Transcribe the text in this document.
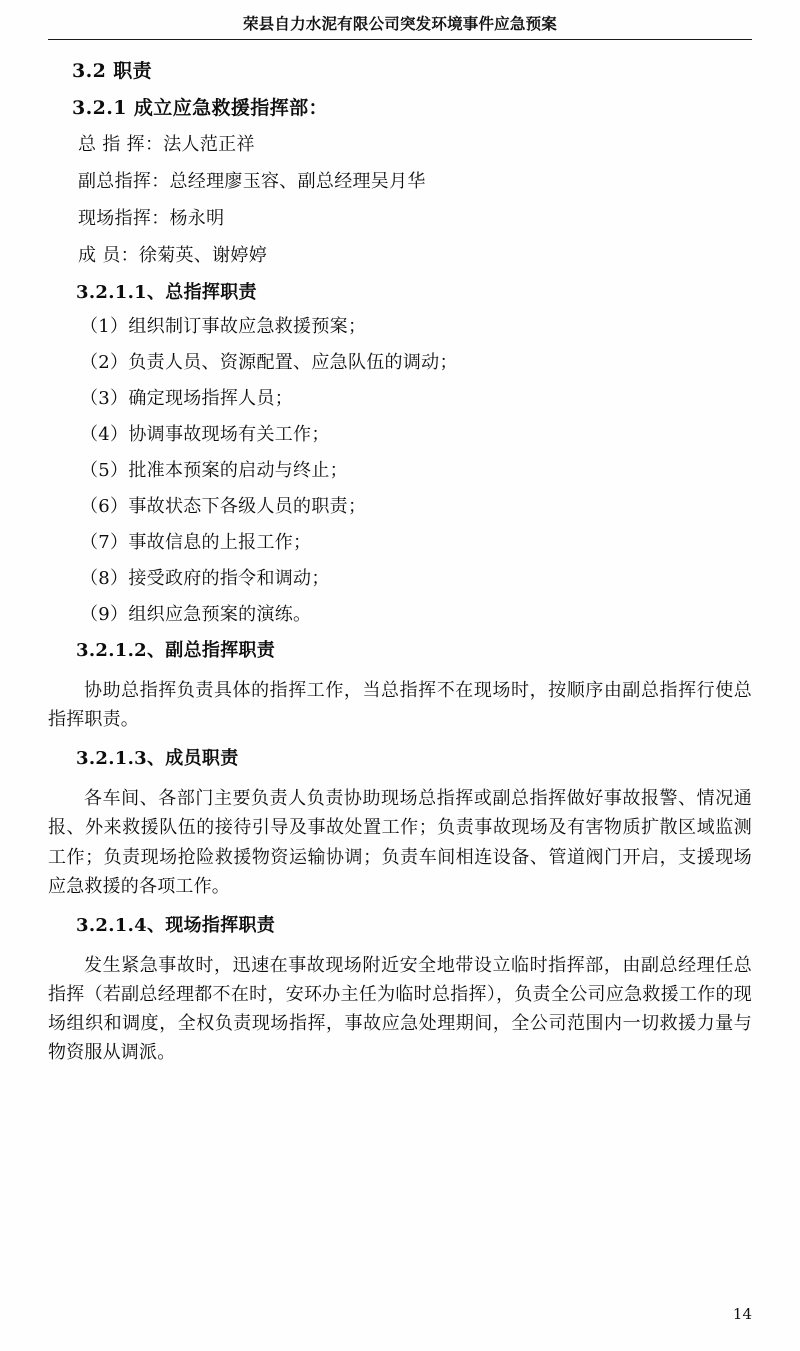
荣县自力水泥有限公司突发环境事件应急预案
3.2 职责
3.2.1 成立应急救援指挥部：
总 指 挥：法人范正祥
副总指挥：总经理廖玉容、副总经理吴月华
现场指挥：杨永明
成 员：徐菊英、谢婷婷
3.2.1.1、总指挥职责
（1）组织制订事故应急救援预案；
（2）负责人员、资源配置、应急队伍的调动；
（3）确定现场指挥人员；
（4）协调事故现场有关工作；
（5）批准本预案的启动与终止；
（6）事故状态下各级人员的职责；
（7）事故信息的上报工作；
（8）接受政府的指令和调动；
（9）组织应急预案的演练。
3.2.1.2、副总指挥职责
协助总指挥负责具体的指挥工作，当总指挥不在现场时，按顺序由副总指挥行使总指挥职责。
3.2.1.3、成员职责
各车间、各部门主要负责人负责协助现场总指挥或副总指挥做好事故报警、情况通报、外来救援队伍的接待引导及事故处置工作；负责事故现场及有害物质扩散区域监测工作；负责现场抢险救援物资运输协调；负责车间相连设备、管道阀门开启，支援现场应急救援的各项工作。
3.2.1.4、现场指挥职责
发生紧急事故时，迅速在事故现场附近安全地带设立临时指挥部，由副总经理任总指挥（若副总经理都不在时，安环办主任为临时总指挥），负责全公司应急救援工作的现场组织和调度，全权负责现场指挥，事故应急处理期间，全公司范围内一切救援力量与物资服从调派。
14
